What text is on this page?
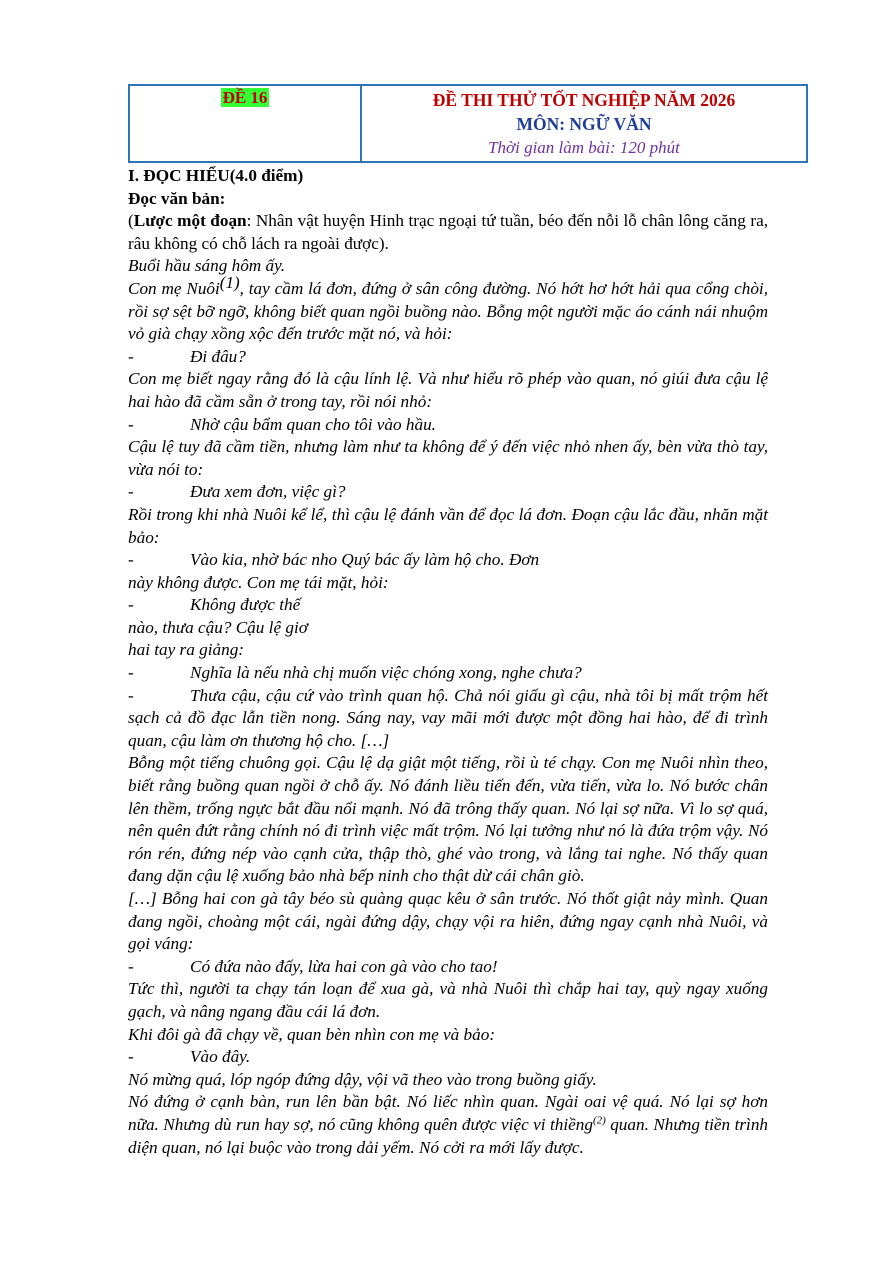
ĐỀ 16	ĐỀ THI THỬ TỐT NGHIỆP NĂM 2026
MÔN: NGỮ VĂN
Thời gian làm bài: 120 phút

I. ĐỌC HIỂU(4.0 điểm)

Đọc văn bản:

(Lược một đoạn: Nhân vật huyện Hinh trạc ngoại tứ tuần, béo đến nỗi lỗ chân lông căng ra, râu không có chỗ lách ra ngoài được).

Buổi hầu sáng hôm ấy.

Con mẹ Nuôi(1), tay cầm lá đơn, đứng ở sân công đường. Nó hớt hơ hớt hải qua cổng chòi, rồi sợ sệt bỡ ngỡ, không biết quan ngồi buồng nào. Bỗng một người mặc áo cánh nái nhuộm vỏ già chạy xồng xộc đến trước mặt nó, và hỏi:

-	Đi đâu?

Con mẹ biết ngay rằng đó là cậu lính lệ. Và như hiểu rõ phép vào quan, nó giúi đưa cậu lệ hai hào đã cầm sẵn ở trong tay, rồi nói nhỏ:

-	Nhờ cậu bẩm quan cho tôi vào hầu.

Cậu lệ tuy đã cầm tiền, nhưng làm như ta không để ý đến việc nhỏ nhen ấy, bèn vừa thò tay, vừa nói to:

-	Đưa xem đơn, việc gì?

Rồi trong khi nhà Nuôi kể lể, thì cậu lệ đánh vần để đọc lá đơn. Đoạn cậu lắc đầu, nhăn mặt bảo:

-	Vào kia, nhờ bác nho Quý bác ấy làm hộ cho. Đơn

này không được. Con mẹ tái mặt, hỏi:

-	Không được thế

nào, thưa cậu? Cậu lệ giơ

hai tay ra giảng:

-	Nghĩa là nếu nhà chị muốn việc chóng xong, nghe chưa?

-	Thưa cậu, cậu cứ vào trình quan hộ. Chả nói giấu gì cậu, nhà tôi bị mất trộm hết sạch cả đồ đạc lẫn tiền nong. Sáng nay, vay mãi mới được một đồng hai hào, để đi trình quan, cậu làm ơn thương hộ cho. […]

Bỗng một tiếng chuông gọi. Cậu lệ dạ giật một tiếng, rồi ù té chạy. Con mẹ Nuôi nhìn theo, biết rằng buồng quan ngồi ở chỗ ấy. Nó đánh liều tiến đến, vừa tiến, vừa lo. Nó bước chân lên thềm, trống ngực bắt đầu nổi mạnh. Nó đã trông thấy quan. Nó lại sợ nữa. Vì lo sợ quá, nên quên đứt rằng chính nó đi trình việc mất trộm. Nó lại tưởng như nó là đứa trộm vậy. Nó rón rén, đứng nép vào cạnh cửa, thập thò, ghé vào trong, và lắng tai nghe. Nó thấy quan đang dặn cậu lệ xuống bảo nhà bếp ninh cho thật dừ cái chân giò.

[…] Bỗng hai con gà tây béo sù quàng quạc kêu ở sân trước. Nó thốt giật nảy mình. Quan đang ngồi, choàng một cái, ngài đứng dậy, chạy vội ra hiên, đứng ngay cạnh nhà Nuôi, và gọi váng:

-	Có đứa nào đấy, lừa hai con gà vào cho tao!

Tức thì, người ta chạy tán loạn để xua gà, và nhà Nuôi thì chắp hai tay, quỳ ngay xuống gạch, và nâng ngang đầu cái lá đơn.

Khi đôi gà đã chạy về, quan bèn nhìn con mẹ và bảo:

-	Vào đây.

Nó mừng quá, lóp ngóp đứng dậy, vội vã theo vào trong buồng giấy.

Nó đứng ở cạnh bàn, run lên bần bật. Nó liếc nhìn quan. Ngài oai vệ quá. Nó lại sợ hơn nữa. Nhưng dù run hay sợ, nó cũng không quên được việc vi thiềng$^{(2)}$ quan. Nhưng tiền trình diện quan, nó lại buộc vào trong dải yếm. Nó cởi ra mới lấy được.
